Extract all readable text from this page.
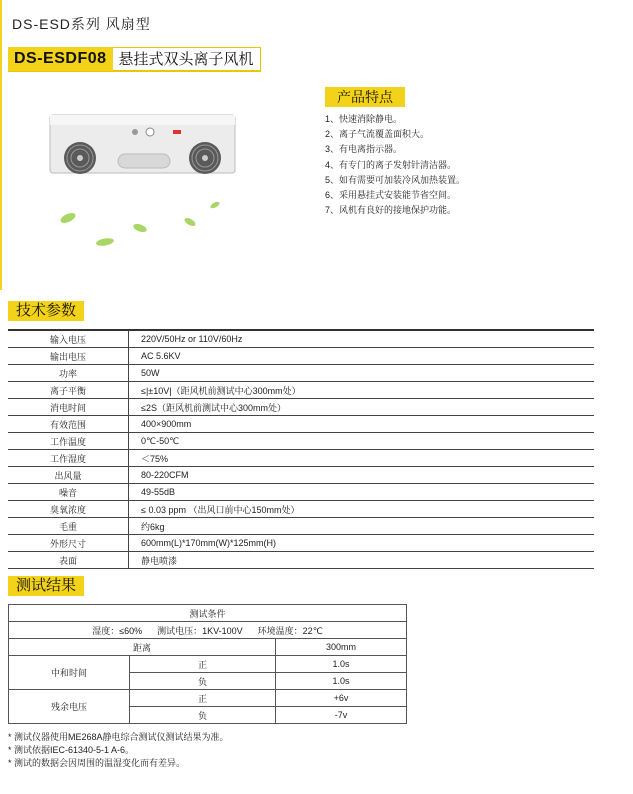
DS-ESD系列 风扇型
DS-ESDF08 悬挂式双头离子风机
产品特点
1、快速消除静电。
2、离子气流覆盖面积大。
3、有电离指示器。
4、有专门的离子发射针清洁器。
5、如有需要可加装冷风加热装置。
6、采用悬挂式安装能节省空间。
7、风机有良好的接地保护功能。
技术参数
输入电压	220V/50Hz or 110V/60Hz
输出电压	AC 5.6KV
功率	50W
离子平衡	≤|±10V|（距风机前测试中心300mm处）
消电时间	≤2S（距风机前测试中心300mm处）
有效范围	400×900mm
工作温度	0℃-50℃
工作湿度	＜75%
出风量	80-220CFM
噪音	49-55dB
臭氧浓度	≤ 0.03 ppm （出风口前中心150mm处）
毛重	约6kg
外形尺寸	600mm(L)*170mm(W)*125mm(H)
表面	静电喷漆
测试结果
测试条件		
湿度：≤60%      测试电压：1KV-100V      环境温度：22℃		
距离		300mm
中和时间	正	1.0s
	负	1.0s
残余电压	正	+6v
	负	-7v
* 测试仪器使用ME268A静电综合测试仪测试结果为准。
* 测试依据IEC-61340-5-1 A-6。
* 测试的数据会因周围的温湿变化而有差异。
